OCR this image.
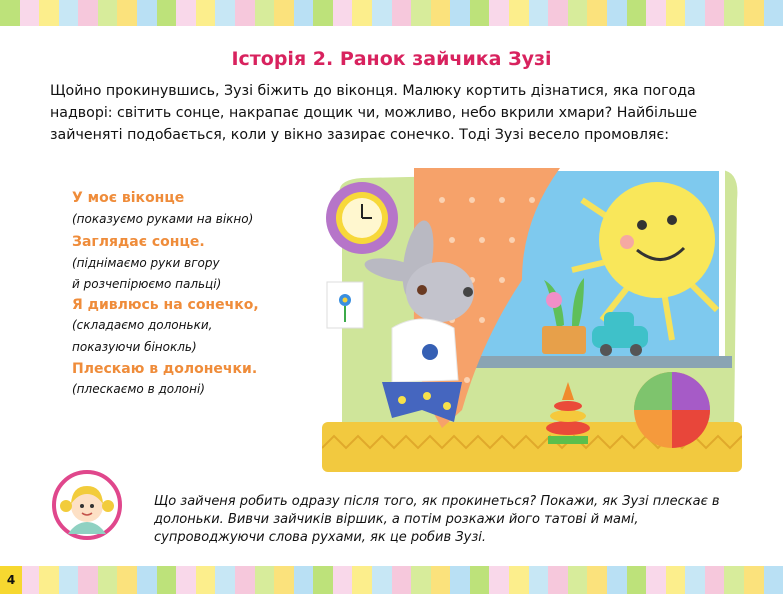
4
Історія 2. Ранок зайчика Зузі
Щойно прокинувшись, Зузі біжить до віконця. Малюку кортить дізнатися, яка погода надворі: світить сонце, накрапає дощик чи, можливо, небо вкрили хмари? Найбільше зайченяті подобається, коли у вікно зазирає сонечко. Тоді Зузі весело промовляє:
У моє віконце
(показуємо руками на вікно)
Заглядає сонце.
(піднімаємо руки вгору
й розчепірюємо пальці)
Я дивлюсь на сонечко,
(складаємо долоньки,
показуючи бінокль)
Плескаю в долонечки.
(плескаємо в долоні)
Що зайченя робить одразу після того, як прокинеться? Покажи, як Зузі плескає в долоньки. Вивчи зайчиків віршик, а потім розкажи його татові й мамі, супроводжуючи слова рухами, як це робив Зузі.
